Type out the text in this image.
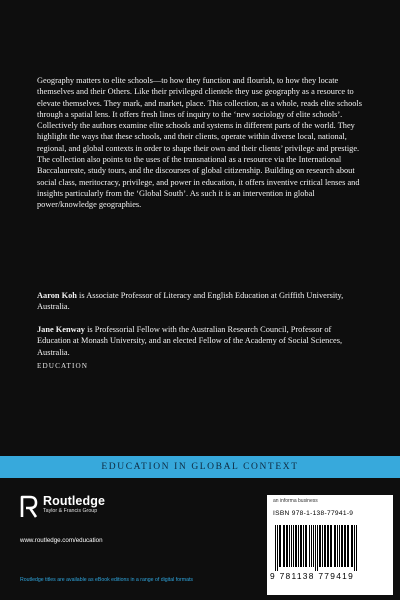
Geography matters to elite schools—to how they function and flourish, to how they locate themselves and their Others. Like their privileged clientele they use geography as a resource to elevate themselves. They mark, and market, place. This collection, as a whole, reads elite schools through a spatial lens. It offers fresh lines of inquiry to the ‘new sociology of elite schools’. Collectively the authors examine elite schools and systems in different parts of the world. They highlight the ways that these schools, and their clients, operate within diverse local, national, regional, and global contexts in order to shape their own and their clients’ privilege and prestige. The collection also points to the uses of the transnational as a resource via the International Baccalaureate, study tours, and the discourses of global citizenship. Building on research about social class, meritocracy, privilege, and power in education, it offers inventive critical lenses and insights particularly from the ‘Global South’. As such it is an intervention in global power/knowledge geographies.

Aaron Koh is Associate Professor of Literacy and English Education at Griffith University, Australia.

Jane Kenway is Professorial Fellow with the Australian Research Council, Professor of Education at Monash University, and an elected Fellow of the Academy of Social Sciences, Australia.

EDUCATION
EDUCATION IN GLOBAL CONTEXT
Routledge
Taylor & Francis Group
www.routledge.com/education
Routledge titles are available as eBook editions in a range of digital formats
an informa business
ISBN 978-1-138-77941-9
9 781138 779419
